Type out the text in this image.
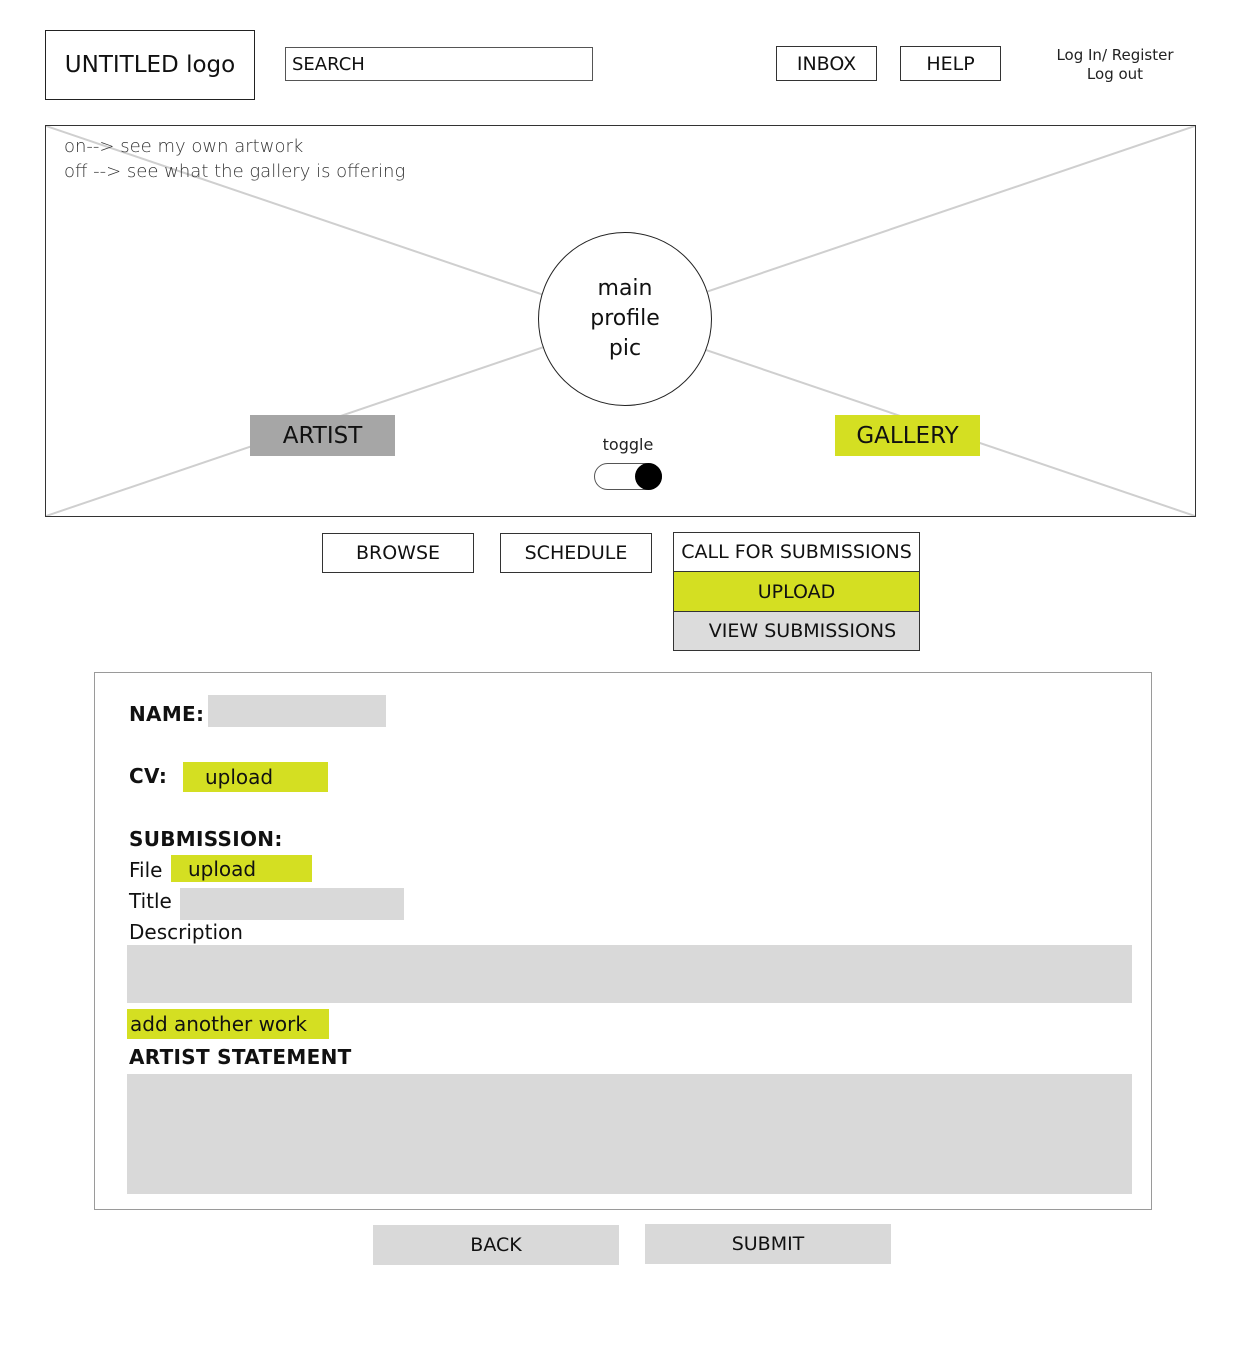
UNTITLED logo
SEARCH	INBOX	HELP	Log In/ Register
Log out
on--> see my own artwork
off --> see what the gallery is offering
main
profile
pic
ARTIST	GALLERY
toggle
BROWSE	SCHEDULE	CALL FOR SUBMISSIONS
UPLOAD
VIEW SUBMISSIONS
NAME:
CV: upload
SUBMISSION:
File upload
Title
Description
add another work
ARTIST STATEMENT
BACK	SUBMIT
